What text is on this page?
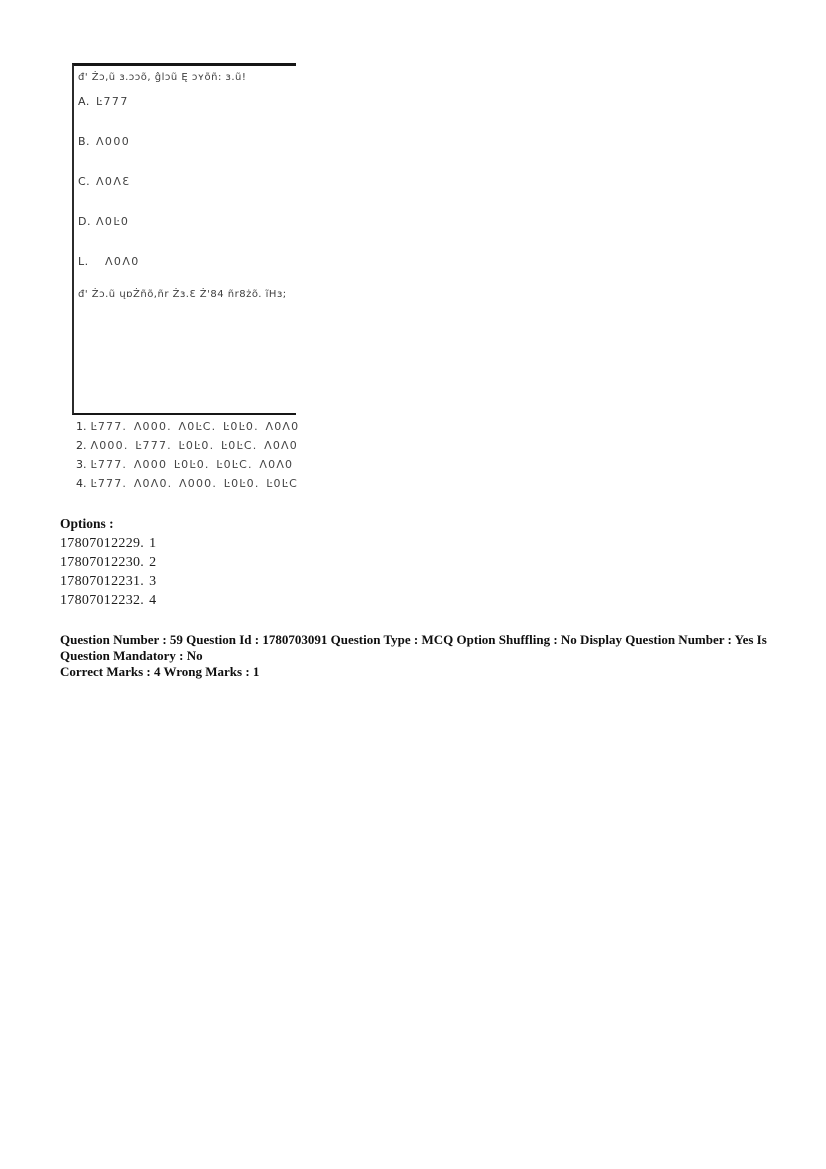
đ' Żɔ,ũ ɜ.ɔɔõ, ĝlɔũ Ę ɔʏõñ: ɜ.ũ!
A. Ŀ777
B. Λ000
C. Λ0ΛƐ
D. Λ0Ŀ0
L. Λ0Λ0
đ' Żɔ.ũ ųɒŻñõ,ñr Żɜ.Ɛ Ż'84 ñr8żõ. ĩHɜ;
1. Ŀ777. Λ000. Λ0ĿC. Ŀ0Ŀ0. Λ0Λ0
2. Λ000. Ŀ777. Ŀ0Ŀ0. Ŀ0ĿC. Λ0Λ0
3. Ŀ777. Λ000 Ŀ0Ŀ0. Ŀ0ĿC. Λ0Λ0
4. Ŀ777. Λ0Λ0. Λ000. Ŀ0Ŀ0. Ŀ0ĿC
Options :
17807012229. 1
17807012230. 2
17807012231. 3
17807012232. 4
Question Number : 59 Question Id : 1780703091 Question Type : MCQ Option Shuffling : No Display Question Number : Yes Is
Question Mandatory : No
Correct Marks : 4 Wrong Marks : 1
